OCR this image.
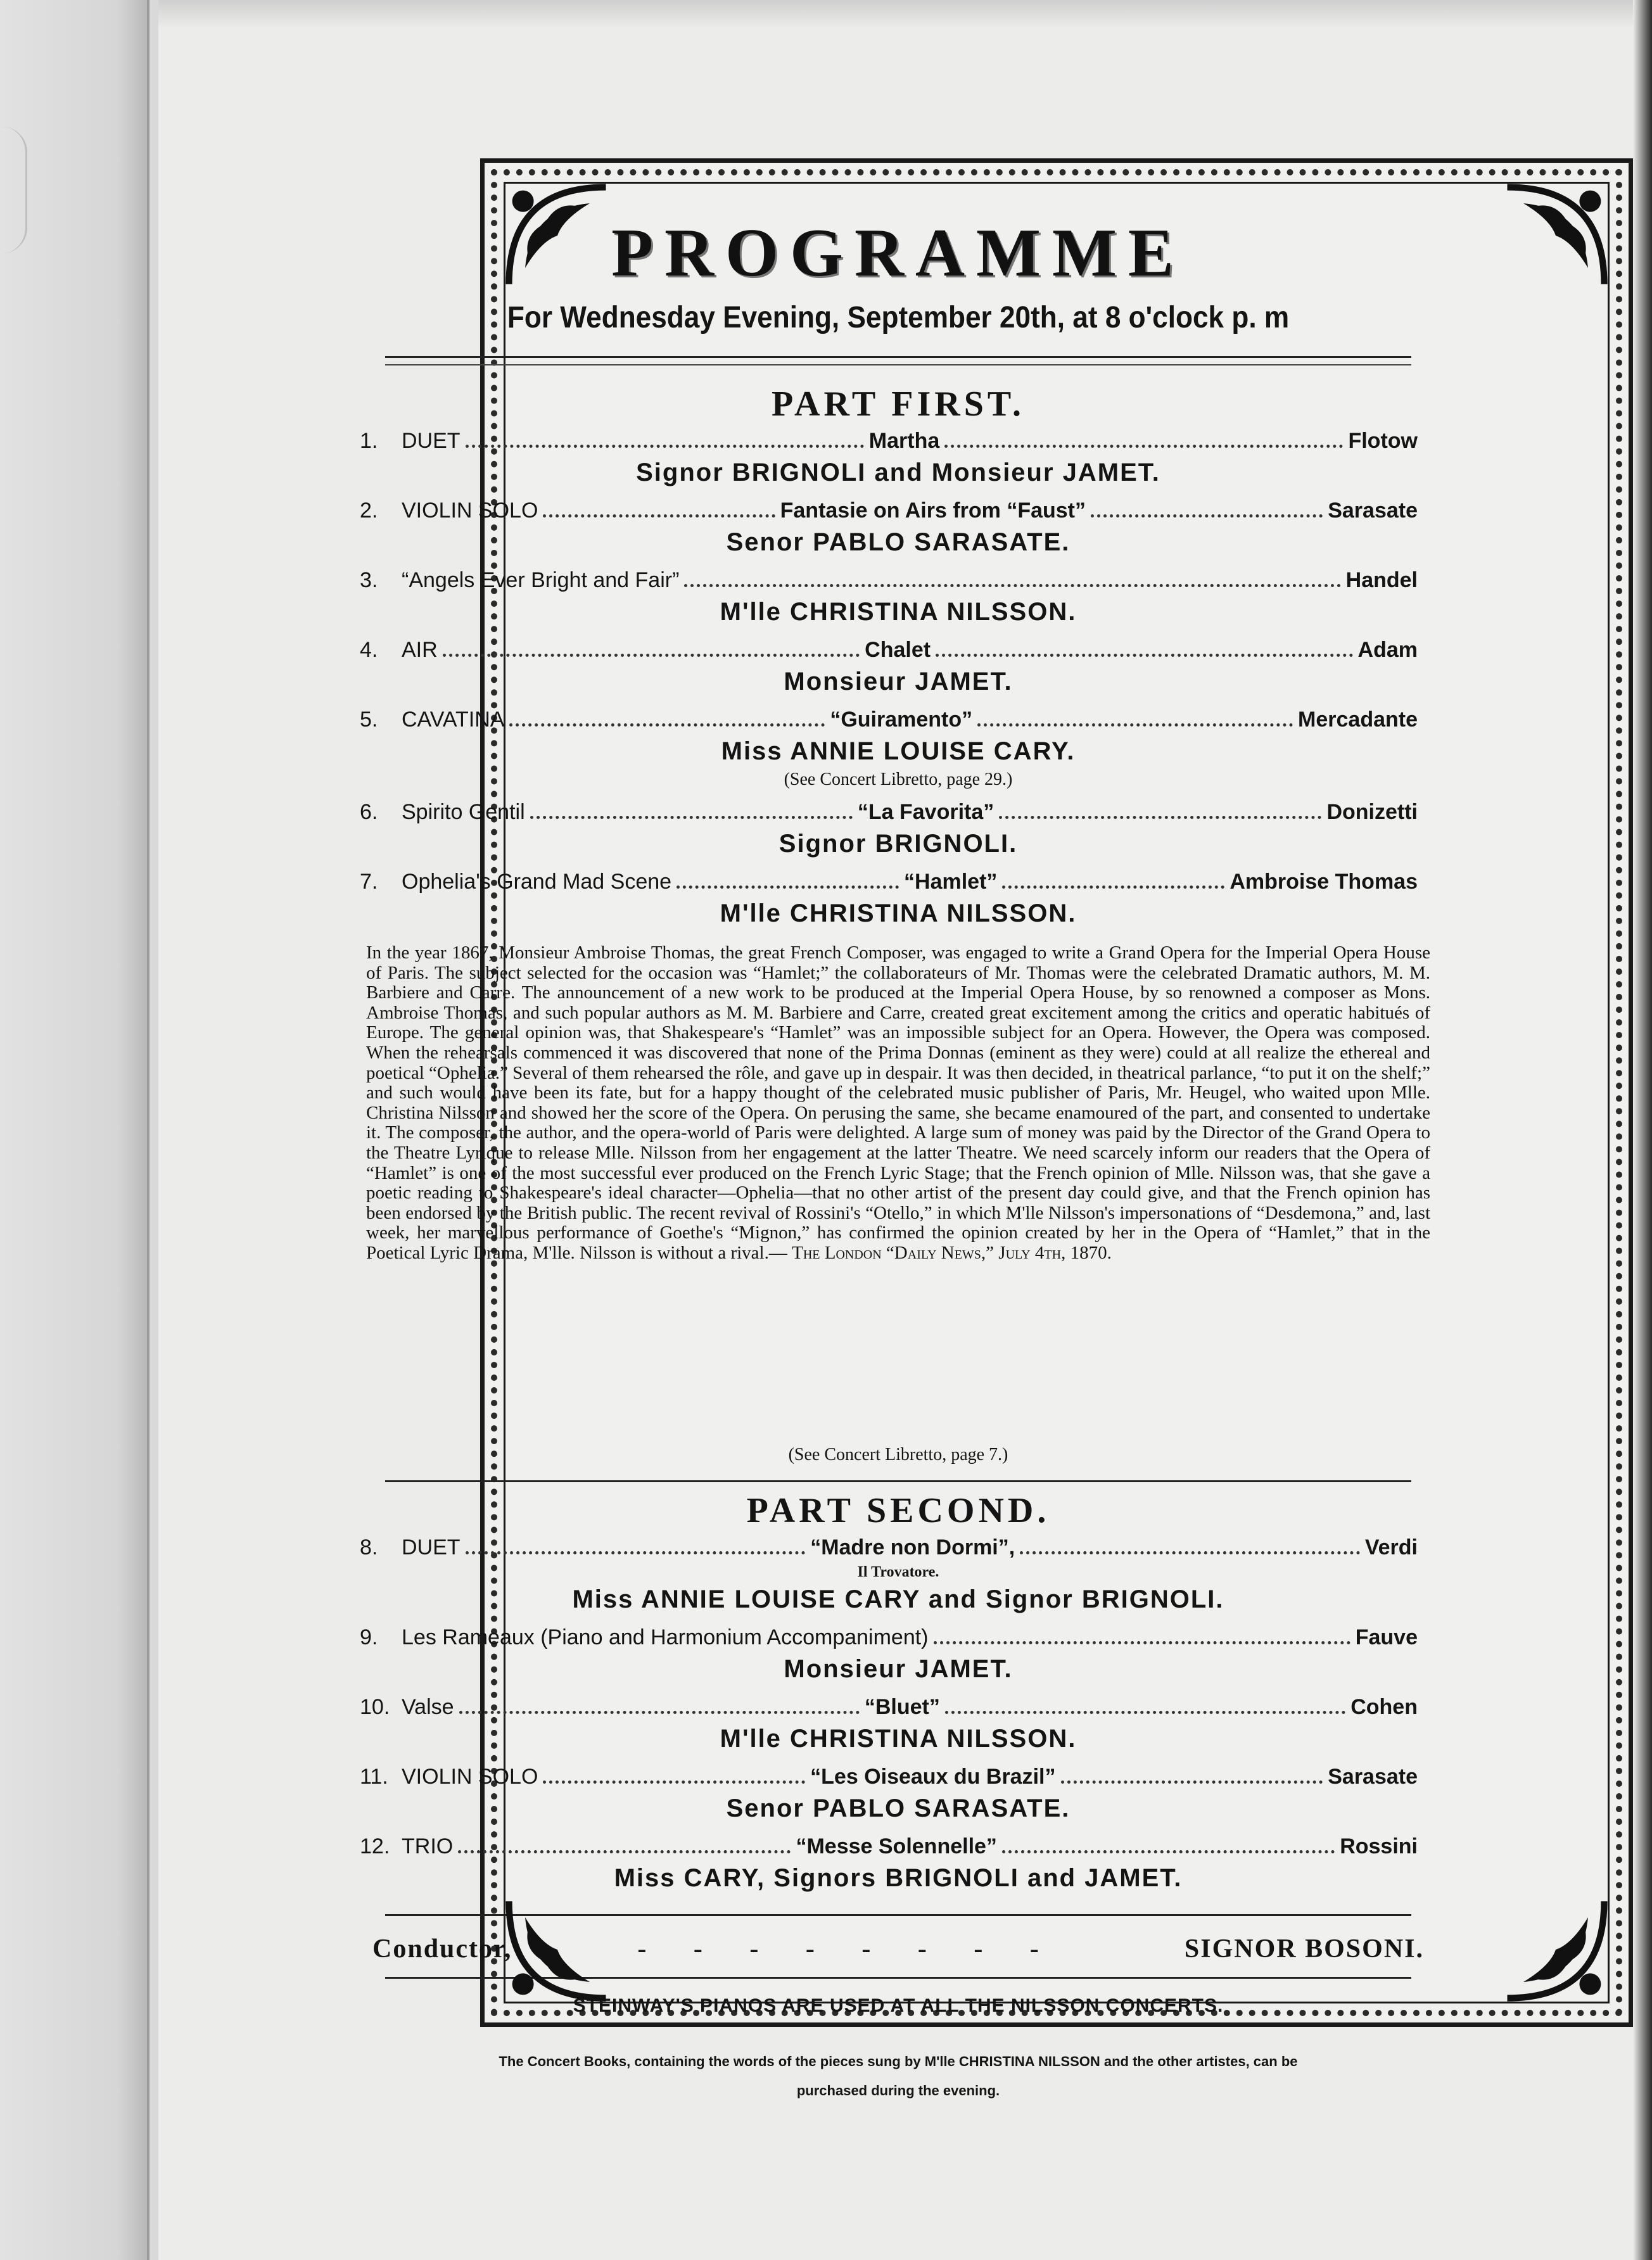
PROGRAMME
For Wednesday Evening, September 20th, at 8 o'clock p. m
PART FIRST.
1.	DUET	Martha	Flotow
Signor BRIGNOLI and Monsieur JAMET.
2.	VIOLIN SOLO	Fantasie on Airs from “Faust”	Sarasate
Senor PABLO SARASATE.
3.	“Angels Ever Bright and Fair”	Handel
M'lle CHRISTINA NILSSON.
4.	AIR	Chalet	Adam
Monsieur JAMET.
5.	CAVATINA	“Guiramento”	Mercadante
Miss ANNIE LOUISE CARY.
(See Concert Libretto, page 29.)
6.	Spirito Gentil	“La Favorita”	Donizetti
Signor BRIGNOLI.
7.	Ophelia's Grand Mad Scene	“Hamlet”	Ambroise Thomas
M'lle CHRISTINA NILSSON.
In the year 1867, Monsieur Ambroise Thomas, the great French Composer, was engaged to write a Grand Opera for the Imperial Opera House of Paris. The subject selected for the occasion was “Hamlet;” the collaborateurs of Mr. Thomas were the celebrated Dramatic authors, M. M. Barbiere and Carre. The announcement of a new work to be produced at the Imperial Opera House, by so renowned a composer as Mons. Ambroise Thomas, and such popular authors as M. M. Barbiere and Carre, created great excitement among the critics and operatic habitués of Europe. The general opinion was, that Shakespeare's “Hamlet” was an impossible subject for an Opera. However, the Opera was composed. When the rehearsals commenced it was discovered that none of the Prima Donnas (eminent as they were) could at all realize the ethereal and poetical “Ophelia.” Several of them rehearsed the rôle, and gave up in despair. It was then decided, in theatrical parlance, “to put it on the shelf;” and such would have been its fate, but for a happy thought of the celebrated music publisher of Paris, Mr. Heugel, who waited upon Mlle. Christina Nilsson and showed her the score of the Opera. On perusing the same, she became enamoured of the part, and consented to undertake it. The composer, the author, and the opera-world of Paris were delighted. A large sum of money was paid by the Director of the Grand Opera to the Theatre Lyrique to release Mlle. Nilsson from her engagement at the latter Theatre. We need scarcely inform our readers that the Opera of “Hamlet” is one of the most successful ever produced on the French Lyric Stage; that the French opinion of Mlle. Nilsson was, that she gave a poetic reading to Shakespeare's ideal character—Ophelia—that no other artist of the present day could give, and that the French opinion has been endorsed by the British public. The recent revival of Rossini's “Otello,” in which M'lle Nilsson's impersonations of “Desdemona,” and, last week, her marvellous performance of Goethe's “Mignon,” has confirmed the opinion created by her in the Opera of “Hamlet,” that in the Poetical Lyric Drama, M'lle. Nilsson is without a rival.— The London “Daily News,” July 4th, 1870.
(See Concert Libretto, page 7.)
PART SECOND.
8.	DUET	“Madre non Dormi”,	Verdi
Il Trovatore.
Miss ANNIE LOUISE CARY and Signor BRIGNOLI.
9.	Les Rameaux (Piano and Harmonium Accompaniment)	Fauve
Monsieur JAMET.
10. Valse	“Bluet”	Cohen
M'lle CHRISTINA NILSSON.
11. VIOLIN SOLO	“Les Oiseaux du Brazil”	Sarasate
Senor PABLO SARASATE.
12. TRIO	“Messe Solennelle”	Rossini
Miss CARY, Signors BRIGNOLI and JAMET.
Conductor,	- - - - - - - -	SIGNOR BOSONI.
STEINWAY'S PIANOS ARE USED AT ALL THE NILSSON CONCERTS.
The Concert Books, containing the words of the pieces sung by M'lle CHRISTINA NILSSON and the other artistes, can be purchased during the evening.
